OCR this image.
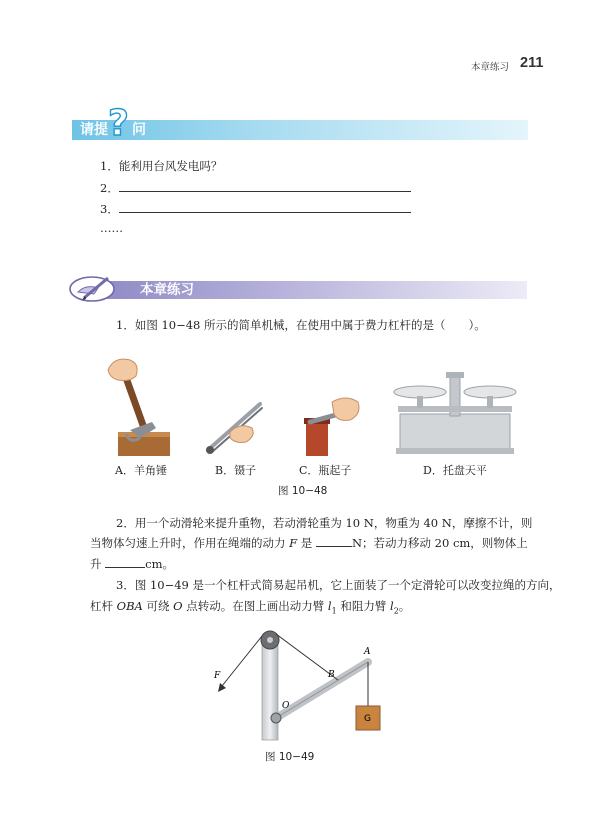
本章练习 211
请提 ? 问
1．能利用台风发电吗？
2．
3．
……
本章练习
1．如图 10−48 所示的简单机械，在使用中属于费力杠杆的是（　　）。
A．羊角锤	B．镊子	C．瓶起子	D．托盘天平
图 10−48
2．用一个动滑轮来提升重物，若动滑轮重为 10 N，物重为 40 N，摩擦不计，则
当物体匀速上升时，作用在绳端的动力 F 是	N；若动力移动 20 cm，则物体上
升	cm。
3．图 10−49 是一个杠杆式简易起吊机，它上面装了一个定滑轮可以改变拉绳的方向，
杠杆 OBA 可绕 O 点转动。在图上画出动力臂 $l_1$ 和阻力臂 $l_2$。
F
O
B
A
G
图 10−49
